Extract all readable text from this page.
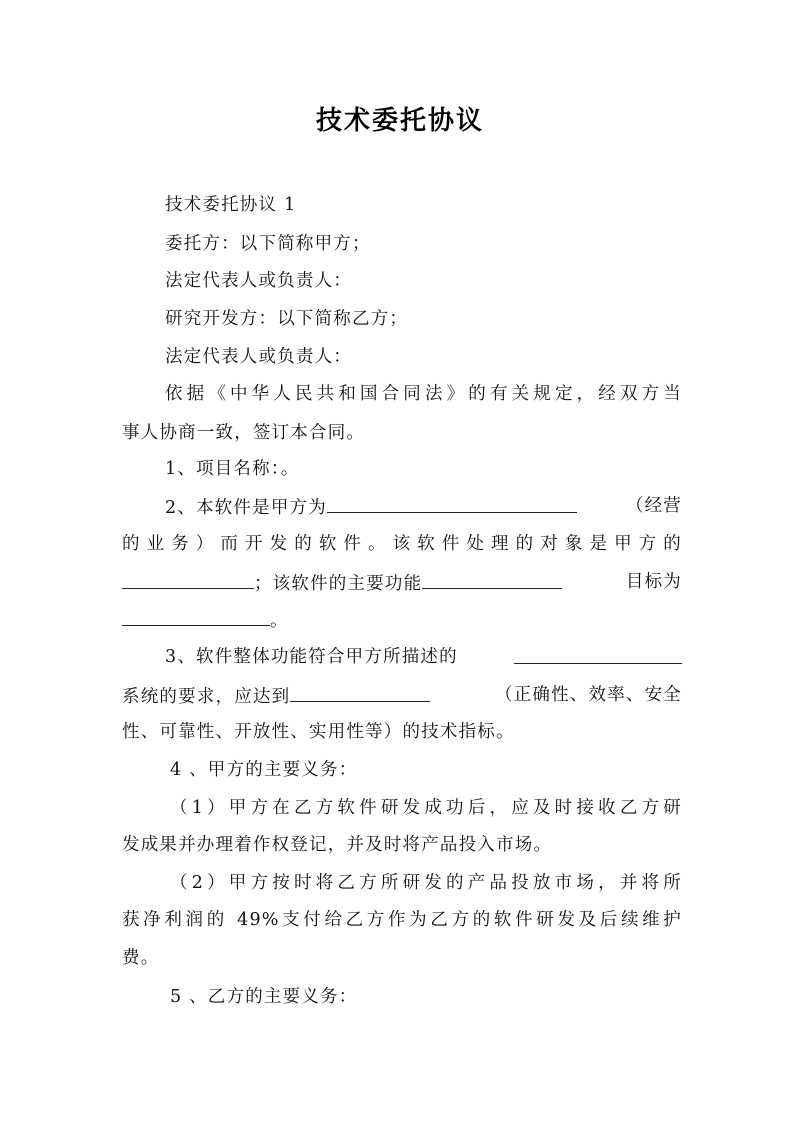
技术委托协议
技术委托协议 1
委托方：以下简称甲方；
法定代表人或负责人：
研究开发方：以下简称乙方；
法定代表人或负责人：
依据《中华人民共和国合同法》的有关规定，经双方当
事人协商一致，签订本合同。
1、项目名称：。
2、本软件是甲方为	（经营
的业务）而开发的软件。该软件处理的对象是甲方的
；该软件的主要功能	目标为
。
3、软件整体功能符合甲方所描述的
系统的要求，应达到	（正确性、效率、安全
性、可靠性、开放性、实用性等）的技术指标。
4 、甲方的主要义务：
（1）甲方在乙方软件研发成功后，应及时接收乙方研
发成果并办理着作权登记，并及时将产品投入市场。
（2）甲方按时将乙方所研发的产品投放市场，并将所
获净利润的 49%支付给乙方作为乙方的软件研发及后续维护
费。
5 、乙方的主要义务：
